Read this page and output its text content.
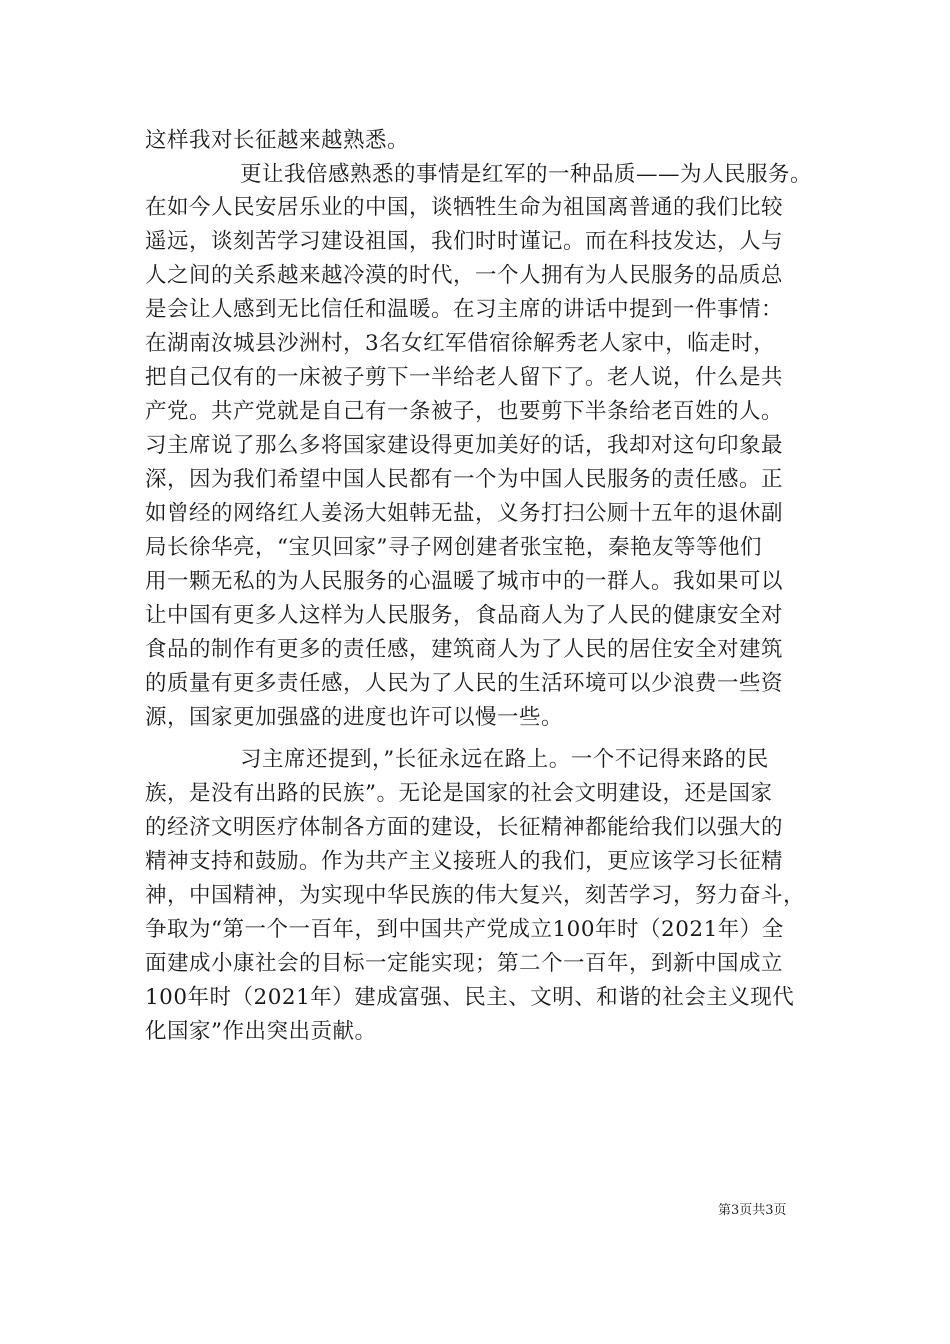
这样我对长征越来越熟悉。
更让我倍感熟悉的事情是红军的一种品质——为人民服务。
在如今人民安居乐业的中国，谈牺牲生命为祖国离普通的我们比较
遥远，谈刻苦学习建设祖国，我们时时谨记。而在科技发达，人与
人之间的关系越来越冷漠的时代，一个人拥有为人民服务的品质总
是会让人感到无比信任和温暖。在习主席的讲话中提到一件事情：
在湖南汝城县沙洲村，3名女红军借宿徐解秀老人家中，临走时，
把自己仅有的一床被子剪下一半给老人留下了。老人说，什么是共
产党。共产党就是自己有一条被子，也要剪下半条给老百姓的人。
习主席说了那么多将国家建设得更加美好的话，我却对这句印象最
深，因为我们希望中国人民都有一个为中国人民服务的责任感。正
如曾经的网络红人姜汤大姐韩无盐，义务打扫公厕十五年的退休副
局长徐华亮，“宝贝回家”寻子网创建者张宝艳，秦艳友等等他们
用一颗无私的为人民服务的心温暖了城市中的一群人。我如果可以
让中国有更多人这样为人民服务，食品商人为了人民的健康安全对
食品的制作有更多的责任感，建筑商人为了人民的居住安全对建筑
的质量有更多责任感，人民为了人民的生活环境可以少浪费一些资
源，国家更加强盛的进度也许可以慢一些。
习主席还提到，”长征永远在路上。一个不记得来路的民
族，是没有出路的民族”。无论是国家的社会文明建设，还是国家
的经济文明医疗体制各方面的建设，长征精神都能给我们以强大的
精神支持和鼓励。作为共产主义接班人的我们，更应该学习长征精
神，中国精神，为实现中华民族的伟大复兴，刻苦学习，努力奋斗，
争取为“第一个一百年，到中国共产党成立100年时（2021年）全
面建成小康社会的目标一定能实现；第二个一百年，到新中国成立
100年时（2021年）建成富强、民主、文明、和谐的社会主义现代
化国家”作出突出贡献。
第3页共3页
